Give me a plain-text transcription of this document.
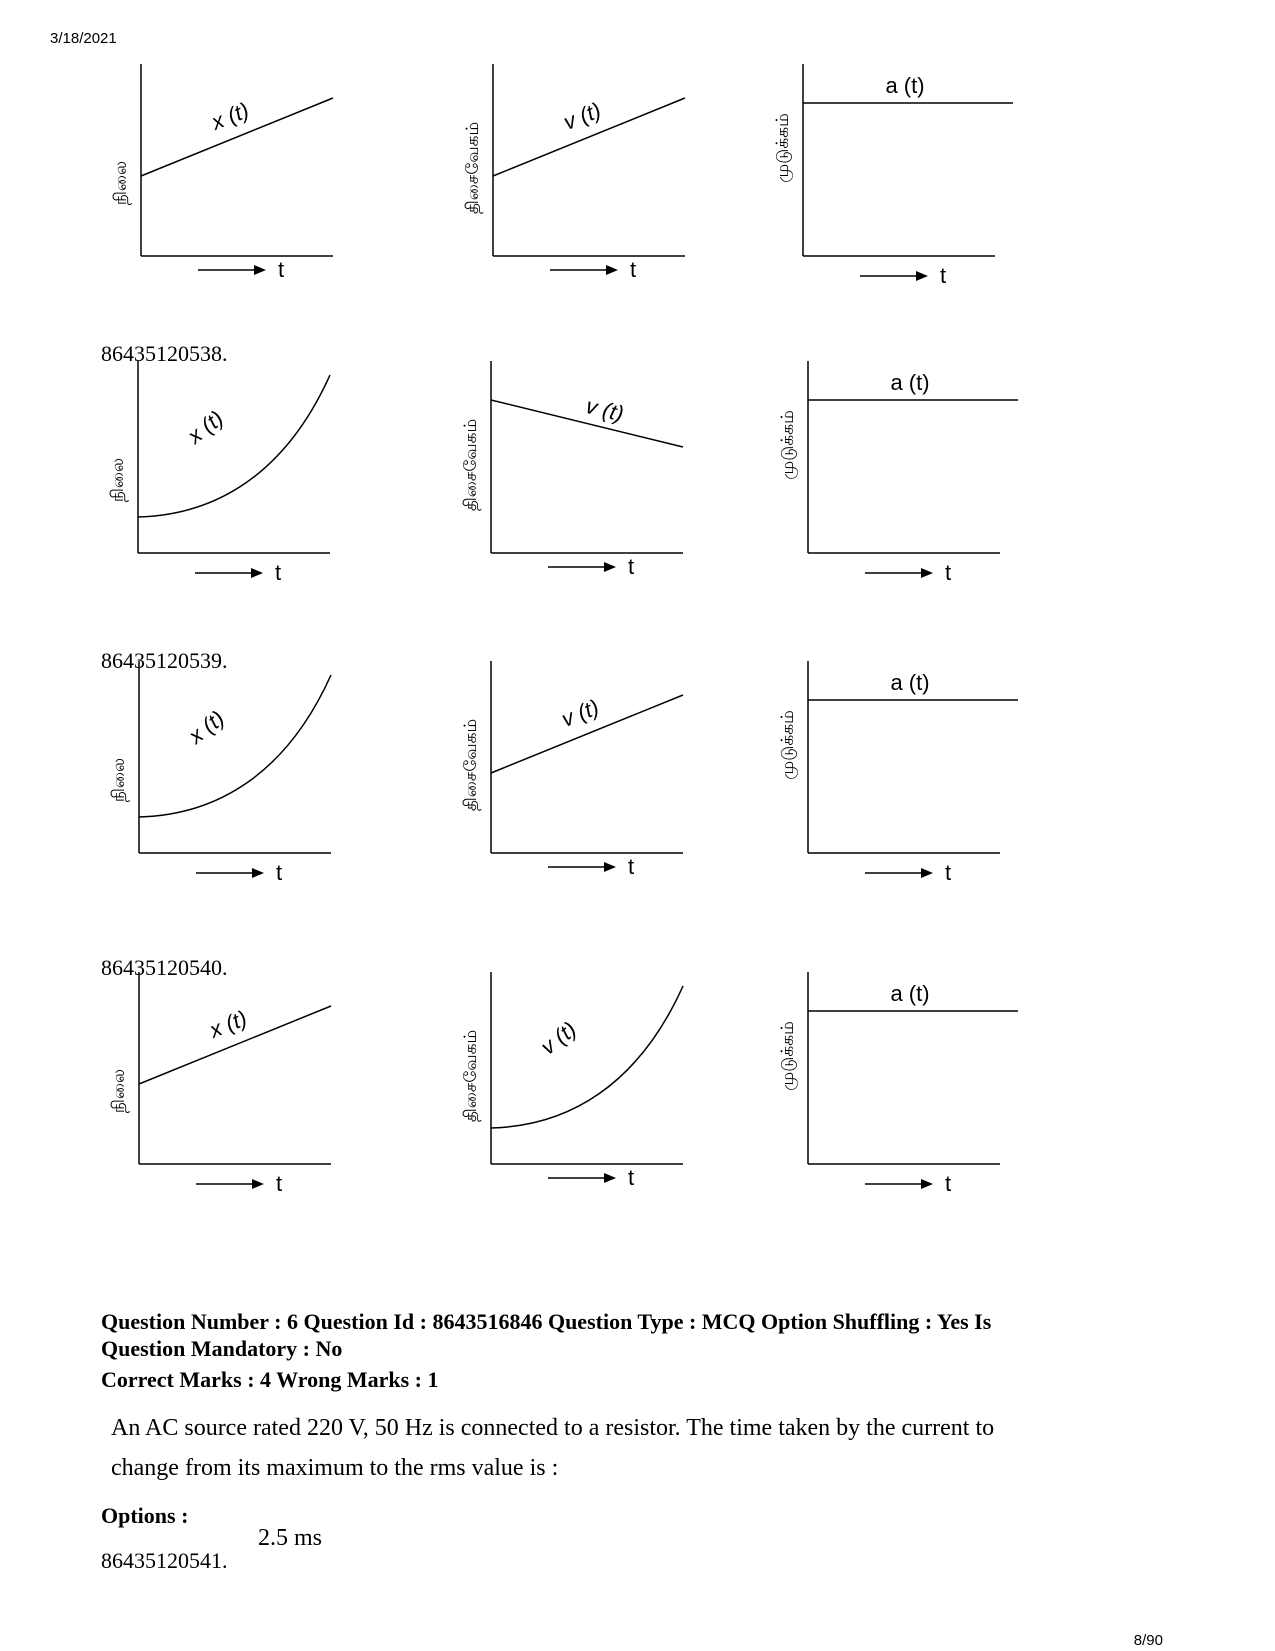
3/18/2021
நிலை
x (t)
t
திசைவேகம்
v (t)
t
முடுக்கம்
a (t)
t
86435120538.
நிலை
x (t)
t
திசைவேகம்
v (t)
t
முடுக்கம்
a (t)
t
86435120539.
நிலை
x (t)
t
திசைவேகம்
v (t)
t
முடுக்கம்
a (t)
t
86435120540.
நிலை
x (t)
t
திசைவேகம் v (t)
t
முடுக்கம்
a (t)
t
Question Number : 6 Question Id : 8643516846 Question Type : MCQ Option Shuffling : Yes Is
Question Mandatory : No
Correct Marks : 4 Wrong Marks : 1
An AC source rated 220 V, 50 Hz is connected to a resistor. The time taken by the current to
change from its maximum to the rms value is :
Options :
86435120541.
2.5 ms
8/90
